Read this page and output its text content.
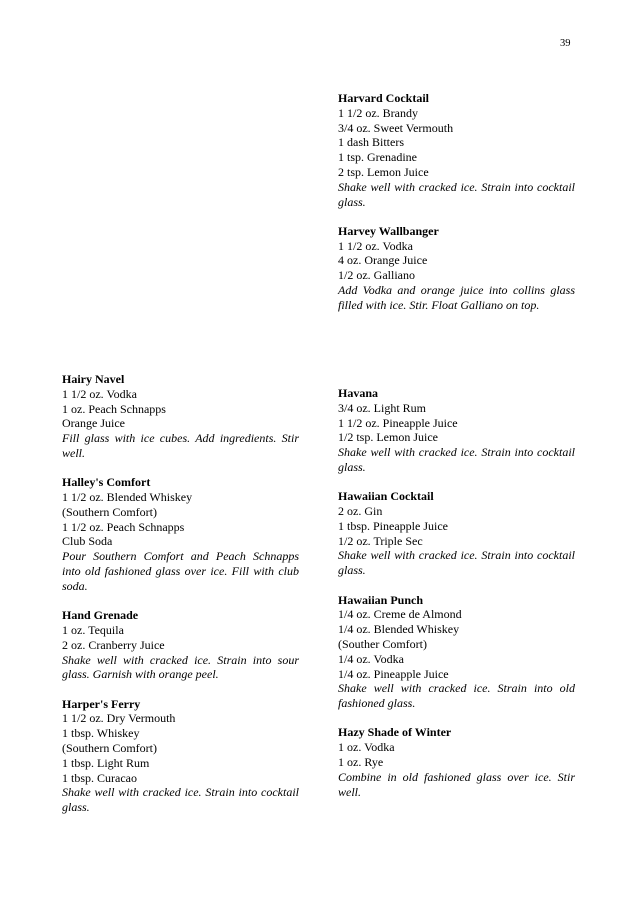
39
Hairy Navel
1 1/2 oz. Vodka
1 oz. Peach Schnapps
Orange Juice
Fill glass with ice cubes. Add ingredients. Stir well.
Halley's Comfort
1 1/2 oz. Blended Whiskey
(Southern Comfort)
1 1/2 oz. Peach Schnapps
Club Soda
Pour Southern Comfort and Peach Schnapps into old fashioned glass over ice. Fill with club soda.
Hand Grenade
1 oz. Tequila
2 oz. Cranberry Juice
Shake well with cracked ice. Strain into sour glass. Garnish with orange peel.
Harper's Ferry
1 1/2 oz. Dry Vermouth
1 tbsp. Whiskey
(Southern Comfort)
1 tbsp. Light Rum
1 tbsp. Curacao
Shake well with cracked ice. Strain into cocktail glass.
Harvard Cocktail
1 1/2 oz. Brandy
3/4 oz. Sweet Vermouth
1 dash Bitters
1 tsp. Grenadine
2 tsp. Lemon Juice
Shake well with cracked ice. Strain into cocktail glass.
Harvey Wallbanger
1 1/2 oz. Vodka
4 oz. Orange Juice
1/2 oz. Galliano
Add Vodka and orange juice into collins glass filled with ice. Stir. Float Galliano on top.
Havana
3/4 oz. Light Rum
1 1/2 oz. Pineapple Juice
1/2 tsp. Lemon Juice
Shake well with cracked ice. Strain into cocktail glass.
Hawaiian Cocktail
2 oz. Gin
1 tbsp. Pineapple Juice
1/2 oz. Triple Sec
Shake well with cracked ice. Strain into cocktail glass.
Hawaiian Punch
1/4 oz. Creme de Almond
1/4 oz. Blended Whiskey
(Souther Comfort)
1/4 oz. Vodka
1/4 oz. Pineapple Juice
Shake well with cracked ice. Strain into old fashioned glass.
Hazy Shade of Winter
1 oz. Vodka
1 oz. Rye
Combine in old fashioned glass over ice. Stir well.
